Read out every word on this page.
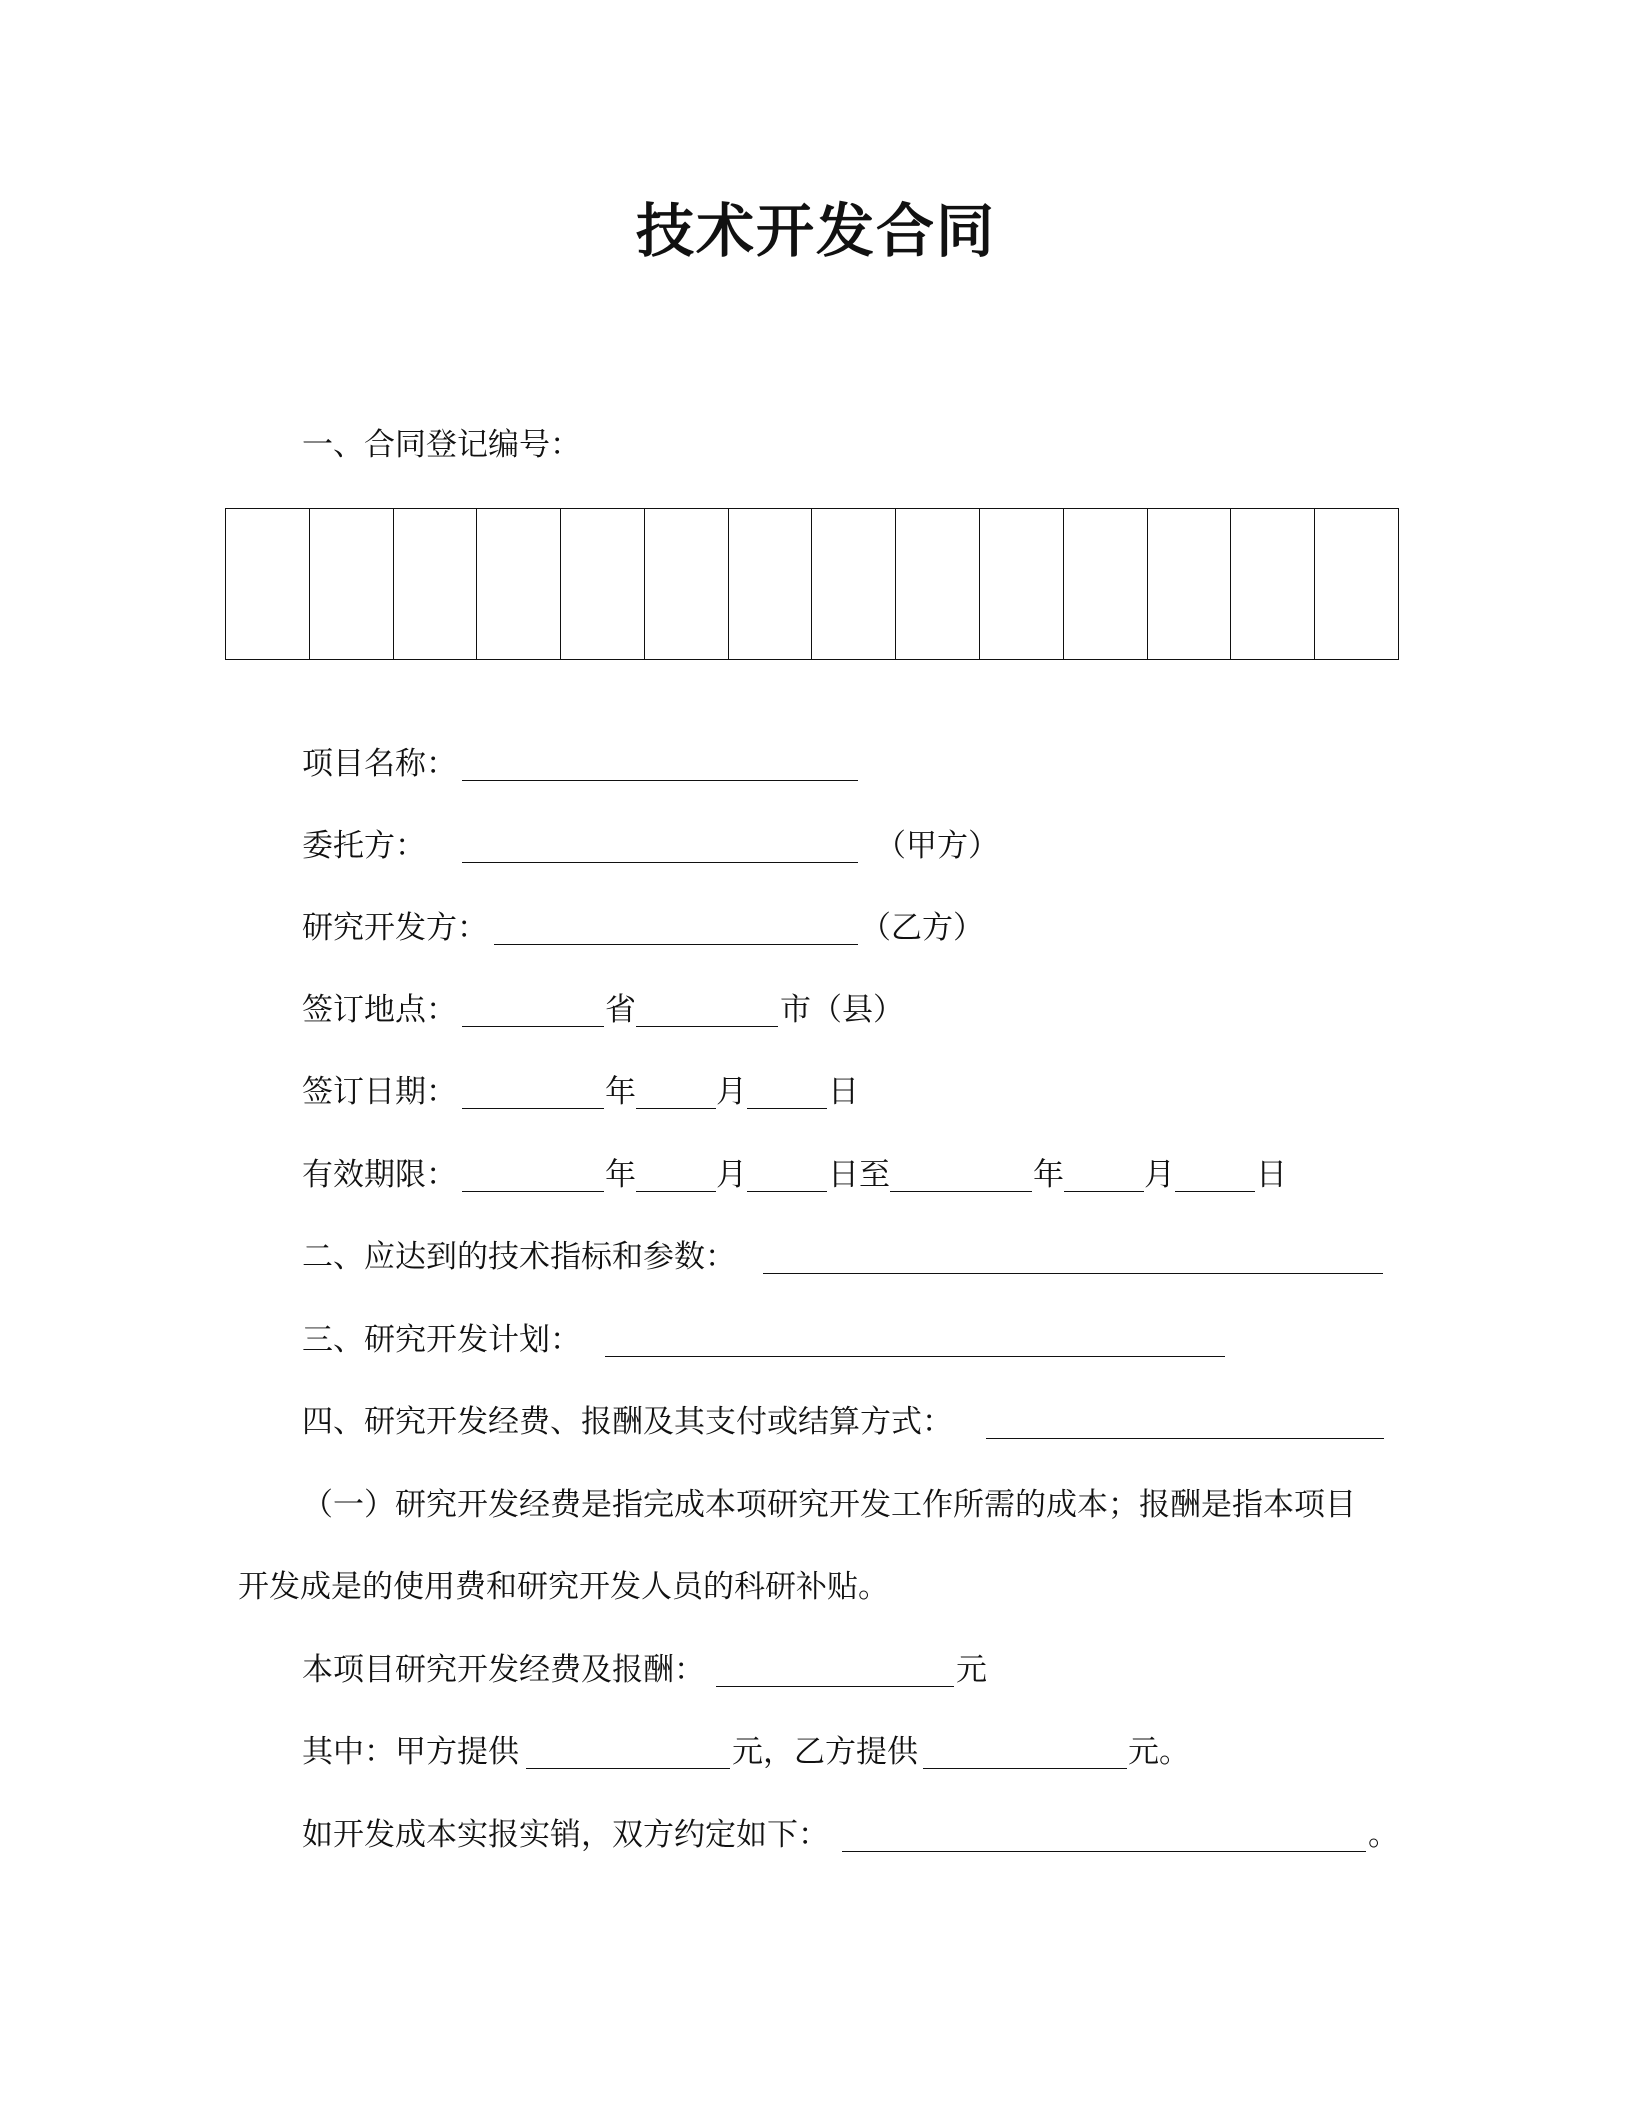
技术开发合同
一、合同登记编号：

项目名称：
委托方：	（甲方）
研究开发方：	（乙方）
签订地点：	省	市（县）
签订日期：	年	月	日
有效期限：	年	月	日至	年	月	日
二、应达到的技术指标和参数：
三、研究开发计划：
四、研究开发经费、报酬及其支付或结算方式：
（一）研究开发经费是指完成本项研究开发工作所需的成本；报酬是指本项目
开发成是的使用费和研究开发人员的科研补贴。
本项目研究开发经费及报酬：	元
其中：甲方提供	元，乙方提供	元。
如开发成本实报实销，双方约定如下：	。
